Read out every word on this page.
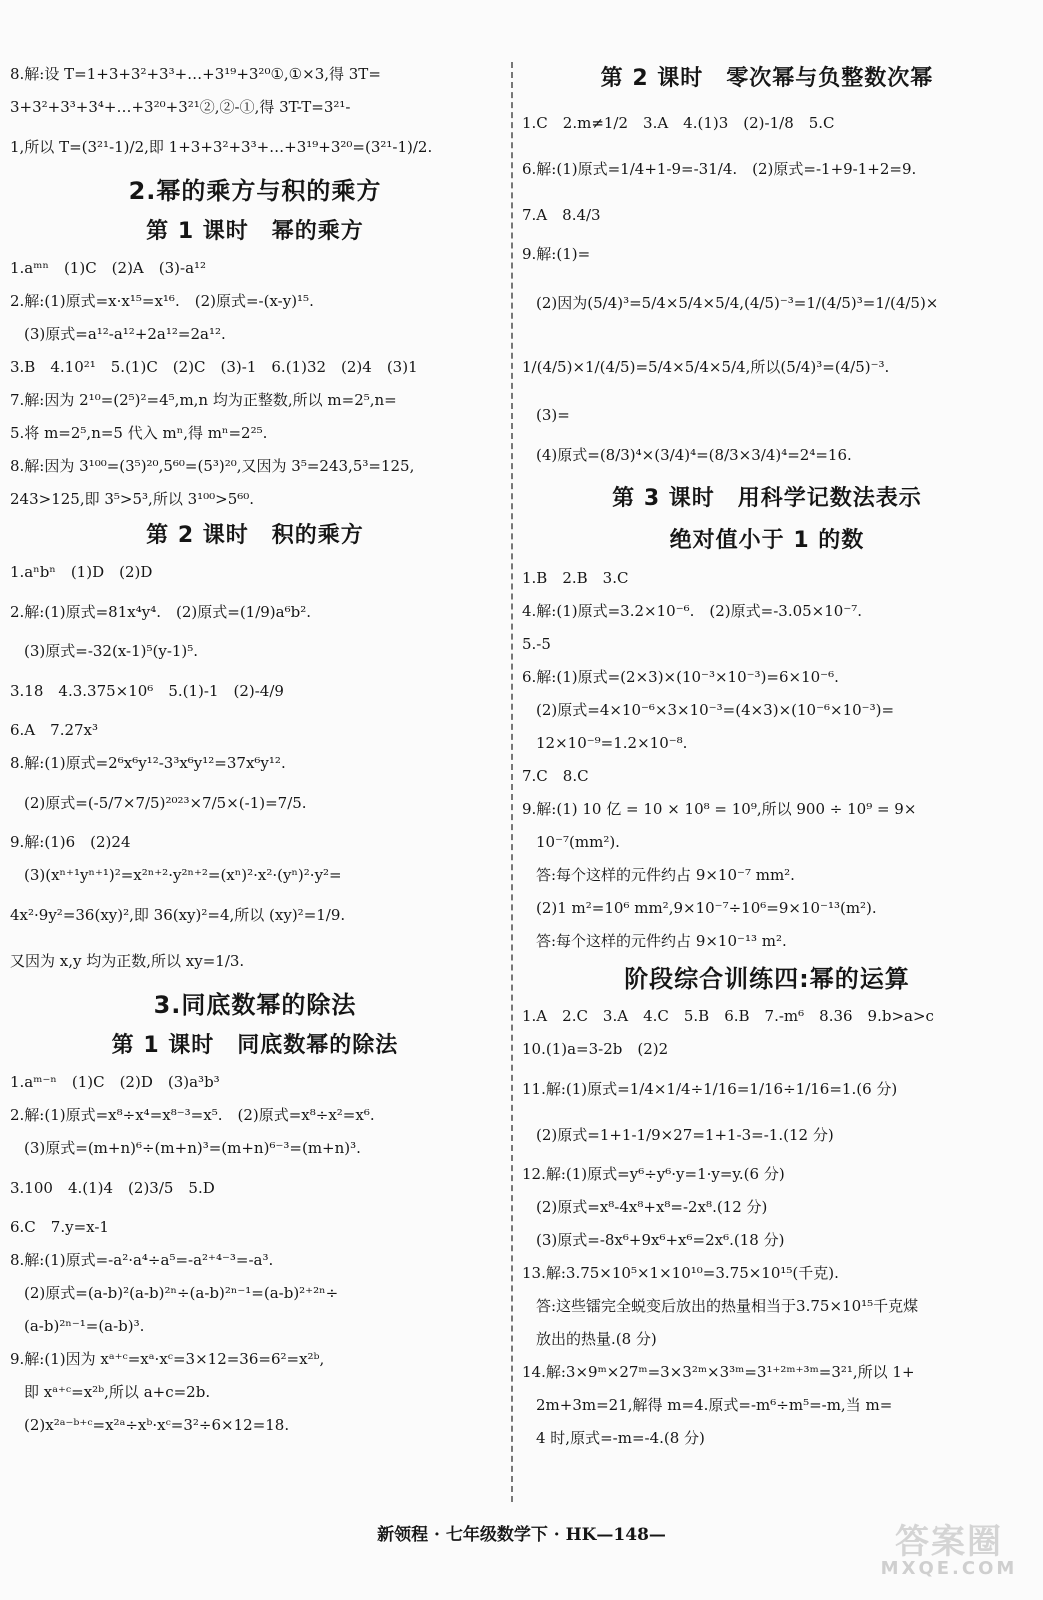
8.解:设 T=1+3+3²+3³+…+3¹⁹+3²⁰①,①×3,得 3T=
3+3²+3³+3⁴+…+3²⁰+3²¹②,②-①,得 3T-T=3²¹-
1,所以 T=(3²¹-1)/2,即 1+3+3²+3³+…+3¹⁹+3²⁰=(3²¹-1)/2.
2.幂的乘方与积的乘方
第 1 课时　幂的乘方
1.aᵐⁿ　(1)C　(2)A　(3)-a¹²
2.解:(1)原式=x·x¹⁵=x¹⁶.　(2)原式=-(x-y)¹⁵.
(3)原式=a¹²-a¹²+2a¹²=2a¹².
3.B　4.10²¹　5.(1)C　(2)C　(3)-1　6.(1)32　(2)4　(3)1
7.解:因为 2¹⁰=(2⁵)²=4⁵,m,n 均为正整数,所以 m=2⁵,n=
5.将 m=2⁵,n=5 代入 mⁿ,得 mⁿ=2²⁵.
8.解:因为 3¹⁰⁰=(3⁵)²⁰,5⁶⁰=(5³)²⁰,又因为 3⁵=243,5³=125,
243>125,即 3⁵>5³,所以 3¹⁰⁰>5⁶⁰.
第 2 课时　积的乘方
1.aⁿbⁿ　(1)D　(2)D
2.解:(1)原式=81x⁴y⁴.　(2)原式=(1/9)a⁶b².
(3)原式=-32(x-1)⁵(y-1)⁵.
3.18　4.3.375×10⁶　5.(1)-1　(2)-4/9
6.A　7.27x³
8.解:(1)原式=2⁶x⁶y¹²-3³x⁶y¹²=37x⁶y¹².
(2)原式=(-5/7×7/5)²⁰²³×7/5×(-1)=7/5.
9.解:(1)6　(2)24
(3)(xⁿ⁺¹yⁿ⁺¹)²=x²ⁿ⁺²·y²ⁿ⁺²=(xⁿ)²·x²·(yⁿ)²·y²=
4x²·9y²=36(xy)²,即 36(xy)²=4,所以 (xy)²=1/9.
又因为 x,y 均为正数,所以 xy=1/3.
3.同底数幂的除法
第 1 课时　同底数幂的除法
1.aᵐ⁻ⁿ　(1)C　(2)D　(3)a³b³
2.解:(1)原式=x⁸÷x⁴=x⁸⁻³=x⁵.　(2)原式=x⁸÷x²=x⁶.
(3)原式=(m+n)⁶÷(m+n)³=(m+n)⁶⁻³=(m+n)³.
3.100　4.(1)4　(2)3/5　5.D
6.C　7.y=x-1
8.解:(1)原式=-a²·a⁴÷a⁵=-a²⁺⁴⁻³=-a³.
(2)原式=(a-b)²(a-b)²ⁿ÷(a-b)²ⁿ⁻¹=(a-b)²⁺²ⁿ÷
(a-b)²ⁿ⁻¹=(a-b)³.
9.解:(1)因为 xᵃ⁺ᶜ=xᵃ·xᶜ=3×12=36=6²=x²ᵇ,
即 xᵃ⁺ᶜ=x²ᵇ,所以 a+c=2b.
(2)x²ᵃ⁻ᵇ⁺ᶜ=x²ᵃ÷xᵇ·xᶜ=3²÷6×12=18.
第 2 课时　零次幂与负整数次幂
1.C　2.m≠1/2　3.A　4.(1)3　(2)-1/8　5.C
6.解:(1)原式=1/4+1-9=-31/4.　(2)原式=-1+9-1+2=9.
7.A　8.4/3
9.解:(1)=
(2)因为(5/4)³=5/4×5/4×5/4,(4/5)⁻³=1/(4/5)³=1/(4/5)×
1/(4/5)×1/(4/5)=5/4×5/4×5/4,所以(5/4)³=(4/5)⁻³.
(3)=
(4)原式=(8/3)⁴×(3/4)⁴=(8/3×3/4)⁴=2⁴=16.
第 3 课时　用科学记数法表示
绝对值小于 1 的数
1.B　2.B　3.C
4.解:(1)原式=3.2×10⁻⁶.　(2)原式=-3.05×10⁻⁷.
5.-5
6.解:(1)原式=(2×3)×(10⁻³×10⁻³)=6×10⁻⁶.
(2)原式=4×10⁻⁶×3×10⁻³=(4×3)×(10⁻⁶×10⁻³)=
12×10⁻⁹=1.2×10⁻⁸.
7.C　8.C
9.解:(1) 10 亿 = 10 × 10⁸ = 10⁹,所以 900 ÷ 10⁹ = 9×
10⁻⁷(mm²).
答:每个这样的元件约占 9×10⁻⁷ mm².
(2)1 m²=10⁶ mm²,9×10⁻⁷÷10⁶=9×10⁻¹³(m²).
答:每个这样的元件约占 9×10⁻¹³ m².
阶段综合训练四:幂的运算
1.A　2.C　3.A　4.C　5.B　6.B　7.-m⁶　8.36　9.b>a>c
10.(1)a=3-2b　(2)2
11.解:(1)原式=1/4×1/4÷1/16=1/16÷1/16=1.(6 分)
(2)原式=1+1-1/9×27=1+1-3=-1.(12 分)
12.解:(1)原式=y⁶÷y⁶·y=1·y=y.(6 分)
(2)原式=x⁸-4x⁸+x⁸=-2x⁸.(12 分)
(3)原式=-8x⁶+9x⁶+x⁶=2x⁶.(18 分)
13.解:3.75×10⁵×1×10¹⁰=3.75×10¹⁵(千克).
答:这些镭完全蜕变后放出的热量相当于3.75×10¹⁵千克煤
放出的热量.(8 分)
14.解:3×9ᵐ×27ᵐ=3×3²ᵐ×3³ᵐ=3¹⁺²ᵐ⁺³ᵐ=3²¹,所以 1+
2m+3m=21,解得 m=4.原式=-m⁶÷m⁵=-m,当 m=
4 时,原式=-m=-4.(8 分)
新领程 · 七年级数学下 · HK—148—	答案圈
MXQE.COM
